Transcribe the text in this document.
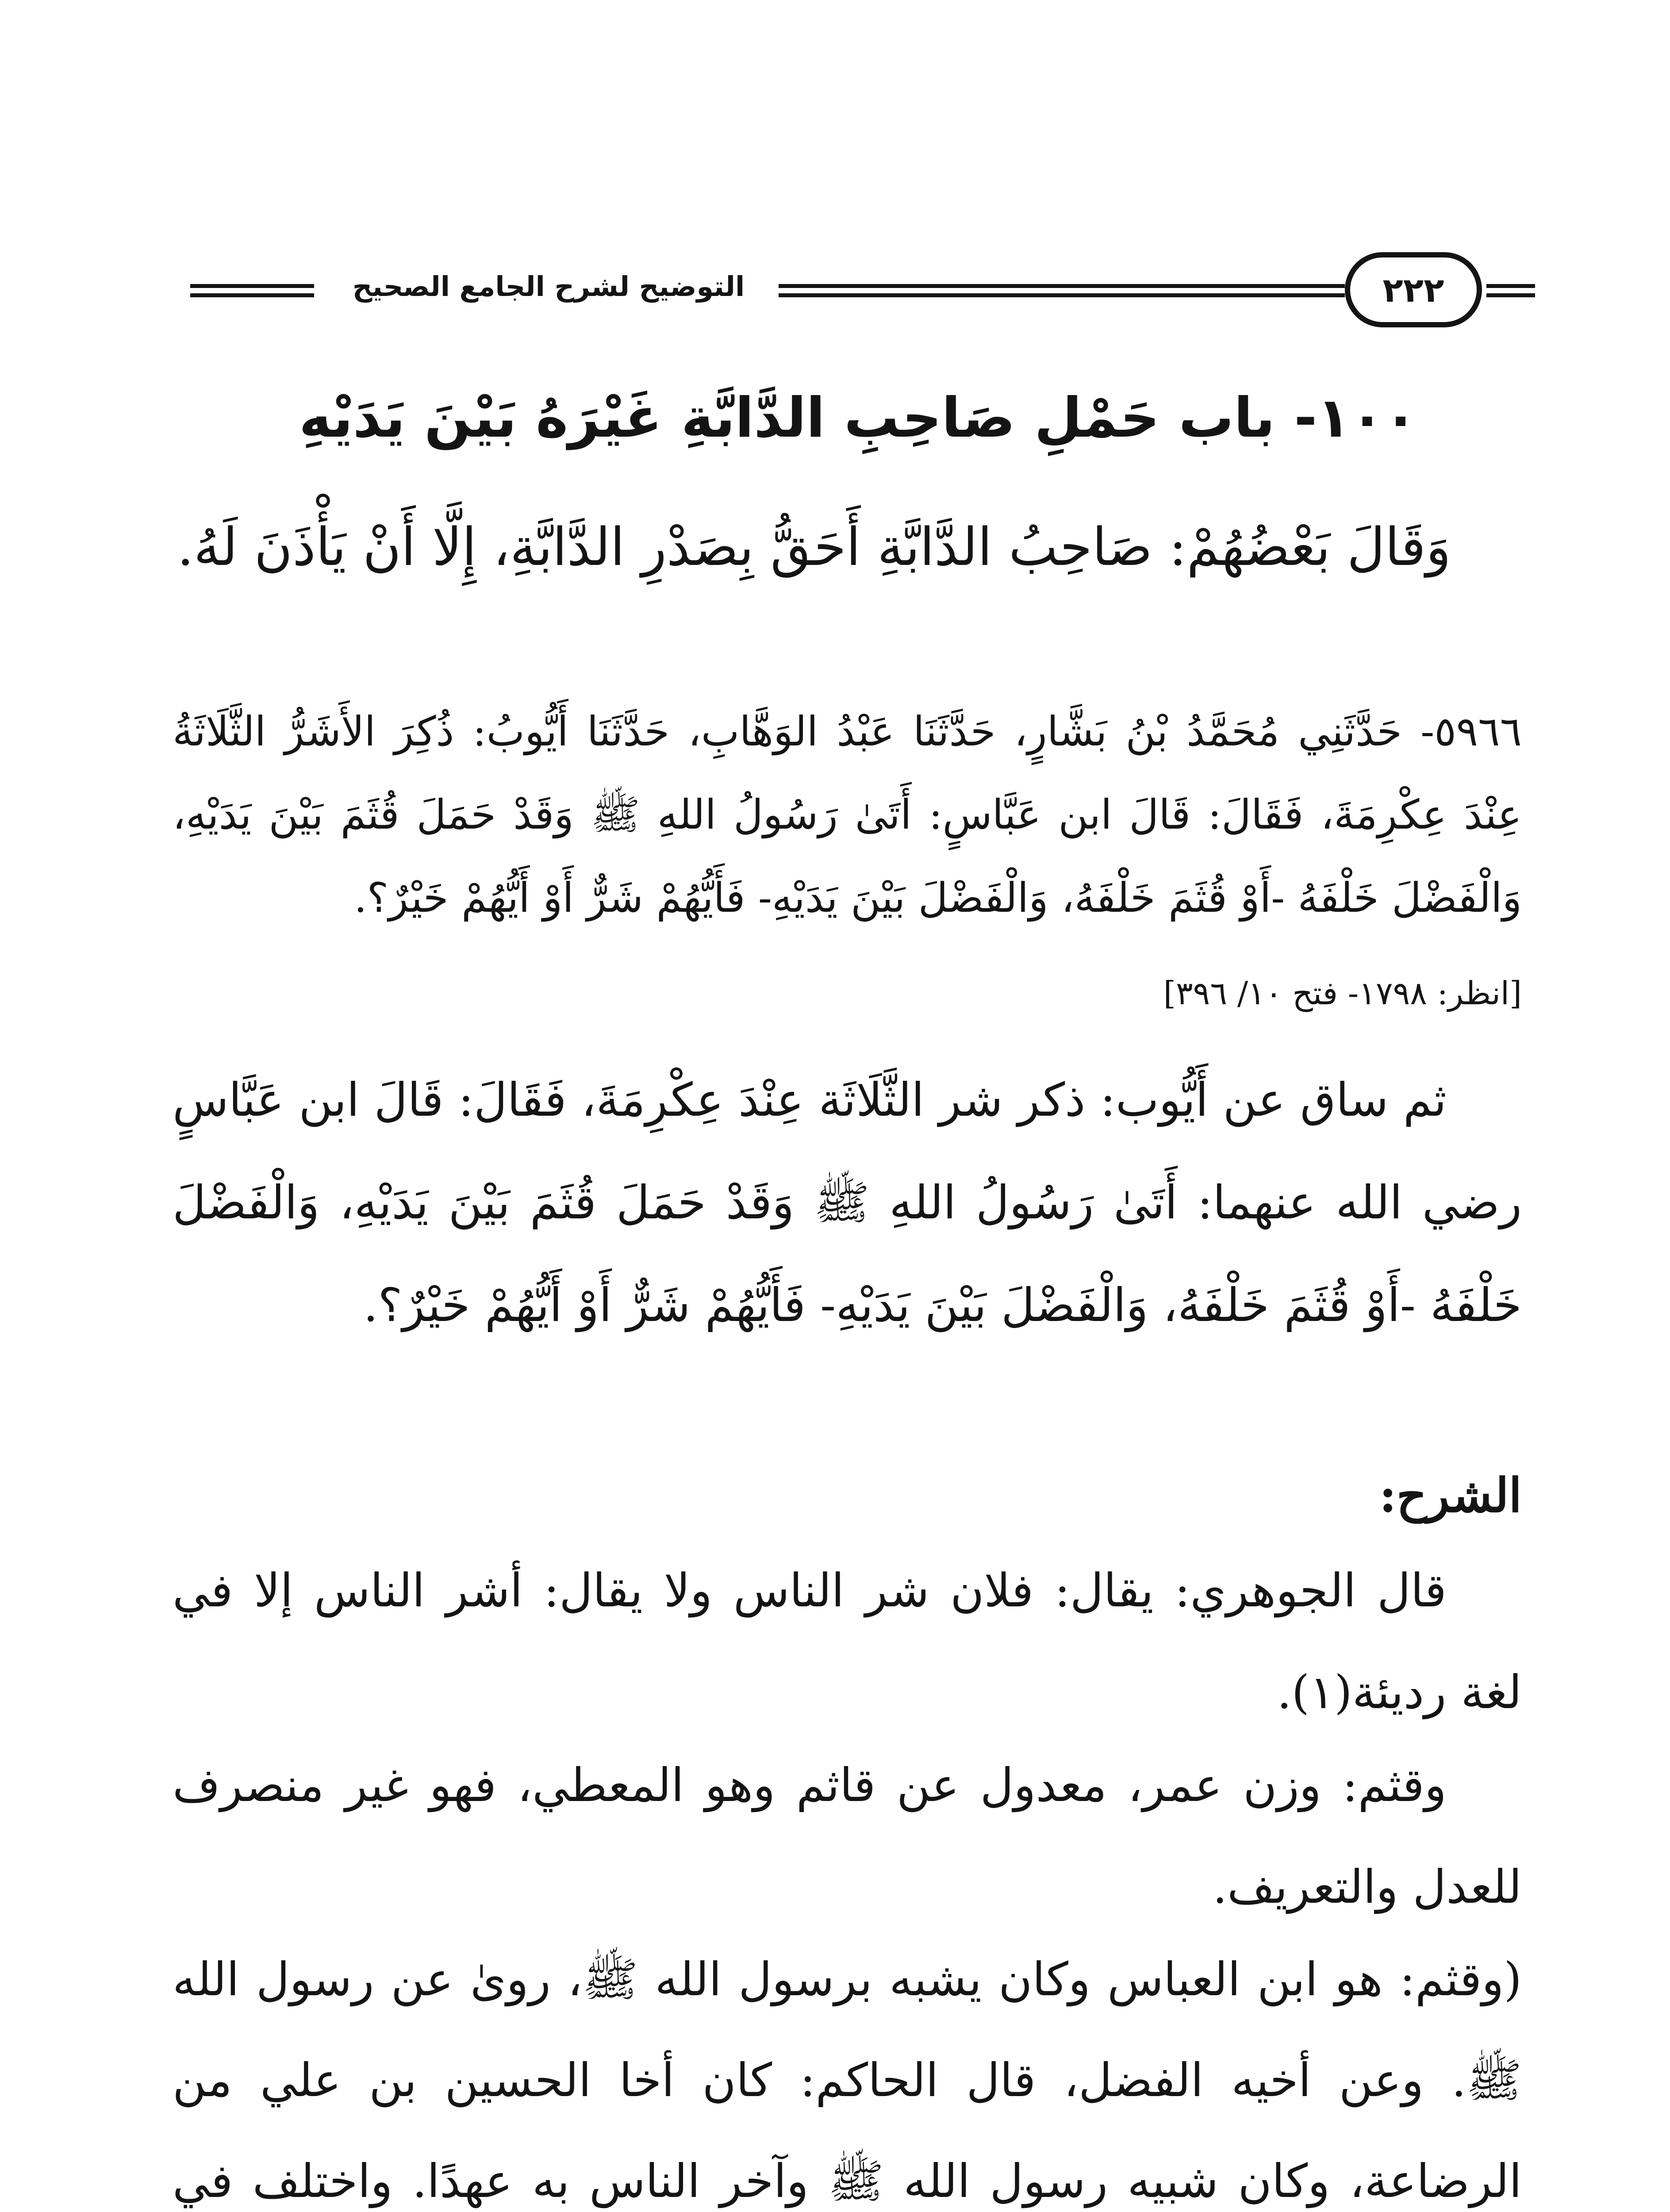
التوضيح لشرح الجامع الصحيح	٢٢٢
١٠٠- باب حَمْلِ صَاحِبِ الدَّابَّةِ غَيْرَهُ بَيْنَ يَدَيْهِ
وَقَالَ بَعْضُهُمْ: صَاحِبُ الدَّابَّةِ أَحَقُّ بِصَدْرِ الدَّابَّةِ، إِلَّا أَنْ يَأْذَنَ لَهُ.
٥٩٦٦- حَدَّثَنِي مُحَمَّدُ بْنُ بَشَّارٍ، حَدَّثَنَا عَبْدُ الوَهَّابِ، حَدَّثَنَا أَيُّوبُ: ذُكِرَ الأَشَرُّ الثَّلَاثَةُ عِنْدَ عِكْرِمَةَ، فَقَالَ: قَالَ ابن عَبَّاسٍ: أَتَىٰ رَسُولُ اللهِ ﷺ وَقَدْ حَمَلَ قُثَمَ بَيْنَ يَدَيْهِ، وَالْفَضْلَ خَلْفَهُ -أَوْ قُثَمَ خَلْفَهُ، وَالْفَضْلَ بَيْنَ يَدَيْهِ- فَأَيُّهُمْ شَرٌّ أَوْ أَيُّهُمْ خَيْرٌ؟.
[انظر: ١٧٩٨- فتح ١٠/ ٣٩٦]
ثم ساق عن أَيُّوب: ذكر شر الثَّلَاثَة عِنْدَ عِكْرِمَةَ، فَقَالَ: قَالَ ابن عَبَّاسٍ رضي الله عنهما: أَتَىٰ رَسُولُ اللهِ ﷺ وَقَدْ حَمَلَ قُثَمَ بَيْنَ يَدَيْهِ، وَالْفَضْلَ خَلْفَهُ -أَوْ قُثَمَ خَلْفَهُ، وَالْفَضْلَ بَيْنَ يَدَيْهِ- فَأَيُّهُمْ شَرٌّ أَوْ أَيُّهُمْ خَيْرٌ؟.
الشرح:
قال الجوهري: يقال: فلان شر الناس ولا يقال: أشر الناس إلا في لغة رديئة(١).
وقثم: وزن عمر، معدول عن قاثم وهو المعطي، فهو غير منصرف للعدل والتعريف.
(وقثم: هو ابن العباس وكان يشبه برسول الله ﷺ، روىٰ عن رسول الله ﷺ. وعن أخيه الفضل، قال الحاكم: كان أخا الحسين بن علي من الرضاعة، وكان شبيه رسول الله ﷺ وآخر الناس به عهدًا. واختلف في
